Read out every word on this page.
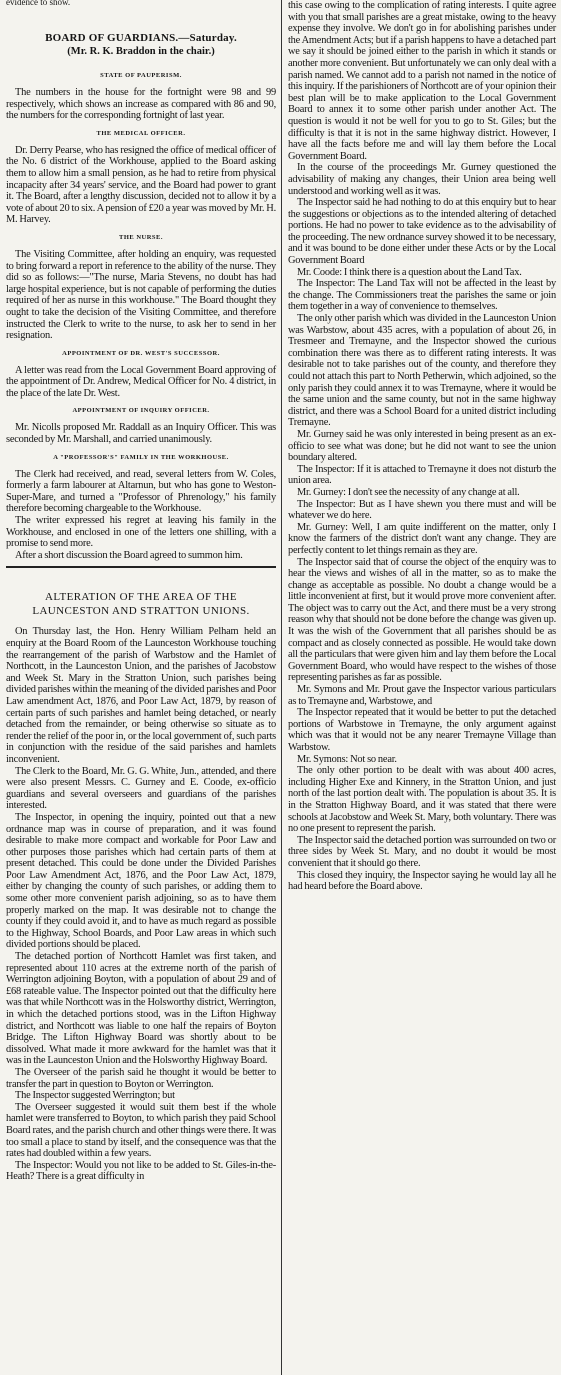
evidence to show.
BOARD OF GUARDIANS.—Saturday.
(Mr. R. K. Braddon in the chair.)
STATE OF PAUPERISM.

The numbers in the house for the fortnight were 98 and 99 respectively, which shows an increase as compared with 86 and 90, the numbers for the corresponding fortnight of last year.

THE MEDICAL OFFICER.

Dr. Derry Pearse, who has resigned the office of medical officer of the No. 6 district of the Workhouse, applied to the Board asking them to allow him a small pension, as he had to retire from physical incapacity after 34 years' service, and the Board had power to grant it. The Board, after a lengthy discussion, decided not to allow it by a vote of about 20 to six. A pension of £20 a year was moved by Mr. H. M. Harvey.

THE NURSE.

The Visiting Committee, after holding an enquiry, was requested to bring forward a report in reference to the ability of the nurse. They did so as follows:—"The nurse, Maria Stevens, no doubt has had large hospital experience, but is not capable of performing the duties required of her as nurse in this workhouse." The Board thought they ought to take the decision of the Visiting Committee, and therefore instructed the Clerk to write to the nurse, to ask her to send in her resignation.

APPOINTMENT OF DR. WEST'S SUCCESSOR.

A letter was read from the Local Government Board approving of the appointment of Dr. Andrew, Medical Officer for No. 4 district, in the place of the late Dr. West.

APPOINTMENT OF INQUIRY OFFICER.

Mr. Nicolls proposed Mr. Raddall as an Inquiry Officer. This was seconded by Mr. Marshall, and carried unanimously.

A "PROFESSOR'S" FAMILY IN THE WORKHOUSE.

The Clerk had received, and read, several letters from W. Coles, formerly a farm labourer at Altarnun, but who has gone to Weston-Super-Mare, and turned a "Professor of Phrenology," his family therefore becoming chargeable to the Workhouse.

The writer expressed his regret at leaving his family in the Workhouse, and enclosed in one of the letters one shilling, with a promise to send more.

After a short discussion the Board agreed to summon him.

ALTERATION OF THE AREA OF THE
LAUNCESTON AND STRATTON UNIONS.

On Thursday last, the Hon. Henry William Pelham held an enquiry at the Board Room of the Launceston Workhouse touching the rearrangement of the parish of Warbstow and the Hamlet of Northcott, in the Launceston Union, and the parishes of Jacobstow and Week St. Mary in the Stratton Union, such parishes being divided parishes within the meaning of the divided parishes and Poor Law amendment Act, 1876, and Poor Law Act, 1879, by reason of certain parts of such parishes and hamlet being detached, or nearly detached from the remainder, or being otherwise so situate as to render the relief of the poor in, or the local government of, such parts in conjunction with the residue of the said parishes and hamlets inconvenient.

The Clerk to the Board, Mr. G. G. White, Jun., attended, and there were also present Messrs. C. Gurney and E. Coode, ex-officio guardians and several overseers and guardians of the parishes interested.

The Inspector, in opening the inquiry, pointed out that a new ordnance map was in course of preparation, and it was found desirable to make more compact and workable for Poor Law and other purposes those parishes which had certain parts of them at present detached. This could be done under the Divided Parishes Poor Law Amendment Act, 1876, and the Poor Law Act, 1879, either by changing the county of such parishes, or adding them to some other more convenient parish adjoining, so as to have them properly marked on the map. It was desirable not to change the county if they could avoid it, and to have as much regard as possible to the Highway, School Boards, and Poor Law areas in which such divided portions should be placed.

The detached portion of Northcott Hamlet was first taken, and represented about 110 acres at the extreme north of the parish of Werrington adjoining Boyton, with a population of about 29 and of £68 rateable value. The Inspector pointed out that the difficulty here was that while Northcott was in the Holsworthy district, Werrington, in which the detached portions stood, was in the Lifton Highway district, and Northcott was liable to one half the repairs of Boyton Bridge. The Lifton Highway Board was shortly about to be dissolved. What made it more awkward for the hamlet was that it was in the Launceston Union and the Holsworthy Highway Board.

The Overseer of the parish said he thought it would be better to transfer the part in question to Boyton or Werrington.

The Inspector suggested Werrington; but

The Overseer suggested it would suit them best if the whole hamlet were transferred to Boyton, to which parish they paid School Board rates, and the parish church and other things were there. It was too small a place to stand by itself, and the consequence was that the rates had doubled within a few years.

The Inspector: Would you not like to be added to St. Giles-in-the-Heath? There is a great difficulty in

this case owing to the complication of rating interests. I quite agree with you that small parishes are a great mistake, owing to the heavy expense they involve. We don't go in for abolishing parishes under the Amendment Acts; but if a parish happens to have a detached part we say it should be joined either to the parish in which it stands or another more convenient. But unfortunately we can only deal with a parish named. We cannot add to a parish not named in the notice of this inquiry. If the parishioners of Northcott are of your opinion their best plan will be to make application to the Local Government Board to annex it to some other parish under another Act. The question is would it not be well for you to go to St. Giles; but the difficulty is that it is not in the same highway district. However, I have all the facts before me and will lay them before the Local Government Board.

In the course of the proceedings Mr. Gurney questioned the advisability of making any changes, their Union area being well understood and working well as it was.

The Inspector said he had nothing to do at this enquiry but to hear the suggestions or objections as to the intended altering of detached portions. He had no power to take evidence as to the advisability of the proceeding. The new ordnance survey showed it to be necessary, and it was bound to be done either under these Acts or by the Local Government Board

Mr. Coode: I think there is a question about the Land Tax.

The Inspector: The Land Tax will not be affected in the least by the change. The Commissioners treat the parishes the same or join them together in a way of convenience to themselves.

The only other parish which was divided in the Launceston Union was Warbstow, about 435 acres, with a population of about 26, in Tresmeer and Tremayne, and the Inspector showed the curious combination there was there as to different rating interests. It was desirable not to take parishes out of the county, and therefore they could not attach this part to North Petherwin, which adjoined, so the only parish they could annex it to was Tremayne, where it would be the same union and the same county, but not in the same highway district, and there was a School Board for a united district including Tremayne.

Mr. Gurney said he was only interested in being present as an ex-officio to see what was done; but he did not want to see the union boundary altered.

The Inspector: If it is attached to Tremayne it does not disturb the union area.

Mr. Gurney: I don't see the necessity of any change at all.

The Inspector: But as I have shewn you there must and will be whatever we do here.

Mr. Gurney: Well, I am quite indifferent on the matter, only I know the farmers of the district don't want any change. They are perfectly content to let things remain as they are.

The Inspector said that of course the object of the enquiry was to hear the views and wishes of all in the matter, so as to make the change as acceptable as possible. No doubt a change would be a little inconvenient at first, but it would prove more convenient after. The object was to carry out the Act, and there must be a very strong reason why that should not be done before the change was given up. It was the wish of the Government that all parishes should be as compact and as closely connected as possible. He would take down all the particulars that were given him and lay them before the Local Government Board, who would have respect to the wishes of those representing parishes as far as possible.

Mr. Symons and Mr. Prout gave the Inspector various particulars as to Tremayne and, Warbstowe, and

The Inspector repeated that it would be better to put the detached portions of Warbstowe in Tremayne, the only argument against which was that it would not be any nearer Tremayne Village than Warbstow.

Mr. Symons: Not so near.

The only other portion to be dealt with was about 400 acres, including Higher Exe and Kinnery, in the Stratton Union, and just north of the last portion dealt with. The population is about 35. It is in the Stratton Highway Board, and it was stated that there were schools at Jacobstow and Week St. Mary, both voluntary. There was no one present to represent the parish.

The Inspector said the detached portion was surrounded on two or three sides by Week St. Mary, and no doubt it would be most convenient that it should go there.

This closed they inquiry, the Inspector saying he would lay all he had heard before the Board above.
